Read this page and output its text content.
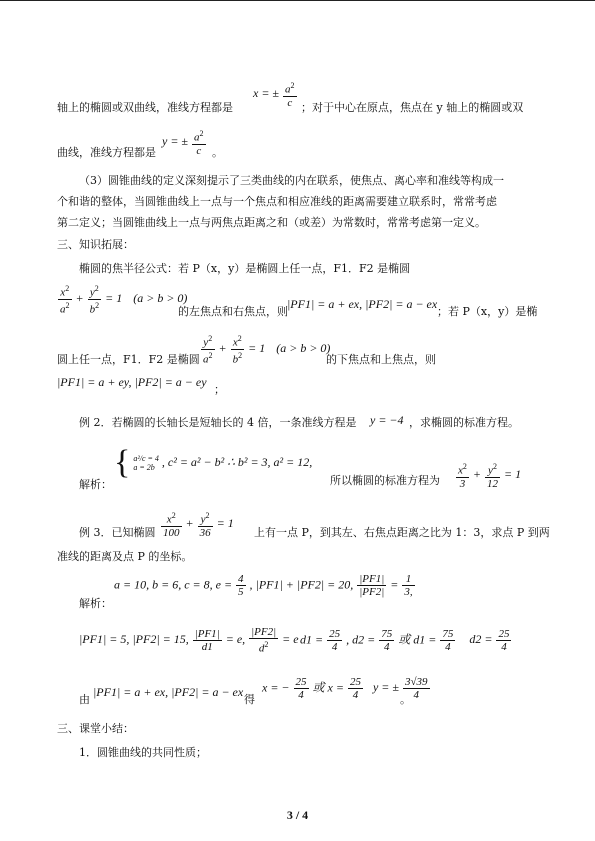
x = ± $\frac{a^2}{c}$
轴上的椭圆或双曲线，准线方程都是	；对于中心在原点，焦点在 y 轴上的椭圆或双
曲线，准线方程都是
y = ± $\frac{a^2}{c}$ 。
（3）圆锥曲线的定义深刻提示了三类曲线的内在联系，使焦点、离心率和准线等构成一
个和谐的整体，当圆锥曲线上一点与一个焦点和相应准线的距离需要建立联系时，常常考虑
第二定义；当圆锥曲线上一点与两焦点距离之和（或差）为常数时，常常考虑第一定义。
三、知识拓展：
椭圆的焦半径公式：若 P（x，y）是椭圆上任一点，F1．F2 是椭圆
$\frac{x^2}{a^2} + \frac{y^2}{b^2} = 1$ (a > b > 0)
的左焦点和右焦点，则
|PF1| = a + ex, |PF2| = a − ex
；若 P（x，y）是椭
圆上任一点，F1．F2 是椭圆 $\frac{y^2}{a^2} + \frac{x^2}{b^2} = 1$ (a > b > 0)
的下焦点和上焦点，则
|PF1| = a + ey, |PF2| = a − ey
；
例 2．若椭圆的长轴长是短轴长的 4 倍，一条准线方程是 y = −4 ，求椭圆的标准方程。
解析：
{ a²/c = 4
a = 2b , c² = a² − b² ∴ b² = 3, a² = 12,
所以椭圆的标准方程为 $\frac{x^2}{3} + \frac{y^2}{12} = 1$
例 3．已知椭圆 $\frac{x^2}{100} + \frac{y^2}{36} = 1$
上有一点 P，到其左、右焦点距离之比为 1：3，求点 P 到两
准线的距离及点 P 的坐标。
解析：
a = 10, b = 6, c = 8, $e = \frac{4}{5}$ , |PF1| + |PF2| = 20, $\frac{|PF1|}{|PF2|} = \frac{1}{3,}$
|PF1| = 5, |PF2| = 15, $\frac{|PF1|}{d1} = e$, $\frac{|PF2|}{d^2} = e$ $d1 = \frac{25}{4}$ , $d2 = \frac{75}{4}$ 或 $d1 = \frac{75}{4} d2 = \frac{25}{4}$
由
|PF1| = a + ex, |PF2| = a − ex
得
x = − $\frac{25}{4}$ 或 $x = \frac{25}{4}$ y = ± $\frac{3√39}{4}$
。
三、课堂小结：
1．圆锥曲线的共同性质；
3 / 4
